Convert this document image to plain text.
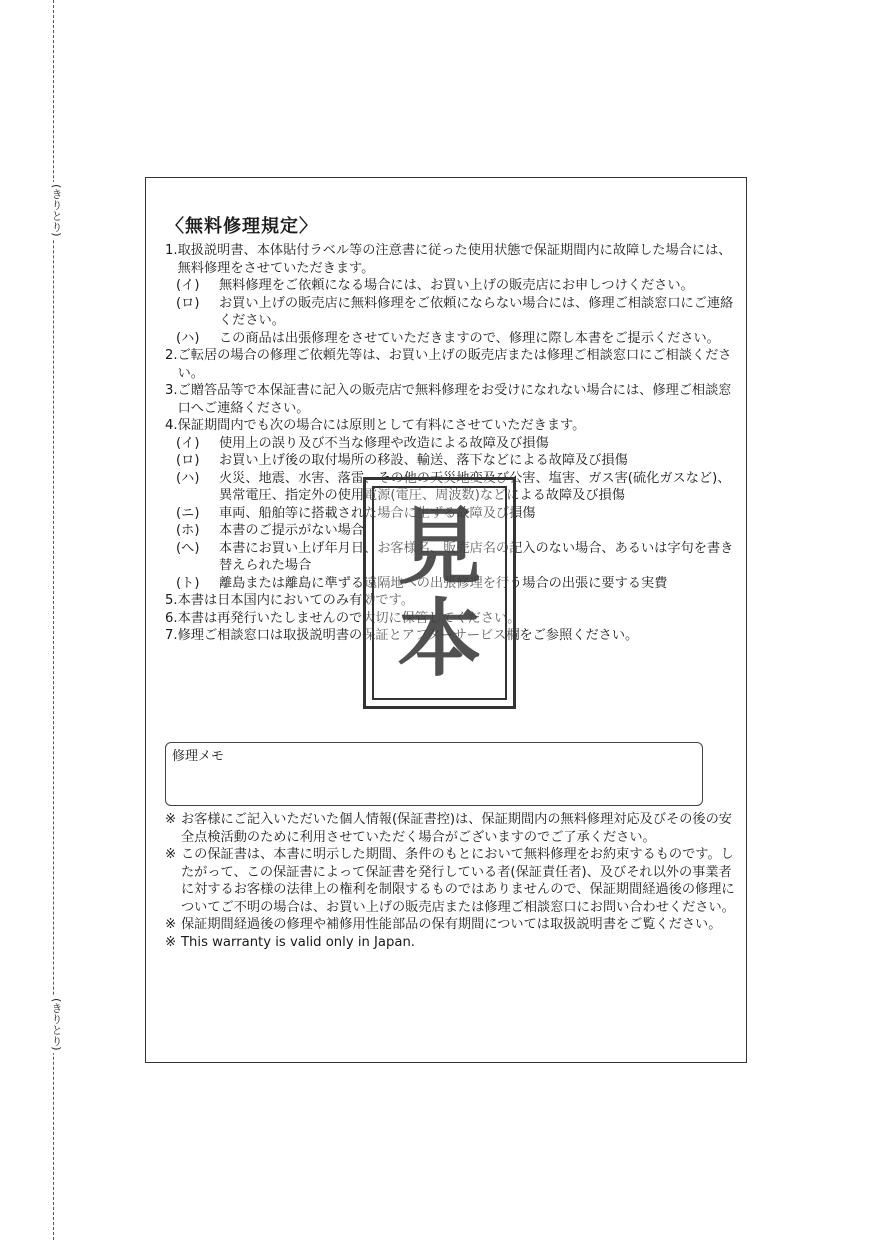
(きりとり)
(きりとり)
〈無料修理規定〉
1. 取扱説明書、本体貼付ラベル等の注意書に従った使用状態で保証期間内に故障した場合には、無料修理をさせていただきます。
(イ)	無料修理をご依頼になる場合には、お買い上げの販売店にお申しつけください。
(ロ)	お買い上げの販売店に無料修理をご依頼にならない場合には、修理ご相談窓口にご連絡ください。
(ハ)	この商品は出張修理をさせていただきますので、修理に際し本書をご提示ください。
2. ご転居の場合の修理ご依頼先等は、お買い上げの販売店または修理ご相談窓口にご相談ください。
3. ご贈答品等で本保証書に記入の販売店で無料修理をお受けになれない場合には、修理ご相談窓口へご連絡ください。
4. 保証期間内でも次の場合には原則として有料にさせていただきます。
(イ)	使用上の誤り及び不当な修理や改造による故障及び損傷
(ロ)	お買い上げ後の取付場所の移設、輸送、落下などによる故障及び損傷
(ハ)	火災、地震、水害、落雷、その他の天災地変及び公害、塩害、ガス害(硫化ガスなど)、異常電圧、指定外の使用電源(電圧、周波数)などによる故障及び損傷
(ニ)	車両、船舶等に搭載された場合に生ずる故障及び損傷
(ホ)	本書のご提示がない場合
(へ)	本書にお買い上げ年月日、お客様名、販売店名の記入のない場合、あるいは字句を書き替えられた場合
(ト)	離島または離島に準ずる遠隔地への出張修理を行う場合の出張に要する実費
5. 本書は日本国内においてのみ有効です。
6. 本書は再発行いたしませんので大切に保管してください。
7. 修理ご相談窓口は取扱説明書の保証とアフターサービス欄をご参照ください。
修理メモ
※ お客様にご記入いただいた個人情報(保証書控)は、保証期間内の無料修理対応及びその後の安全点検活動のために利用させていただく場合がございますのでご了承ください。
※ この保証書は、本書に明示した期間、条件のもとにおいて無料修理をお約束するものです。したがって、この保証書によって保証書を発行している者(保証責任者)、及びそれ以外の事業者に対するお客様の法律上の権利を制限するものではありませんので、保証期間経過後の修理についてご不明の場合は、お買い上げの販売店または修理ご相談窓口にお問い合わせください。
※ 保証期間経過後の修理や補修用性能部品の保有期間については取扱説明書をご覧ください。
※ This warranty is valid only in Japan.
見
本
